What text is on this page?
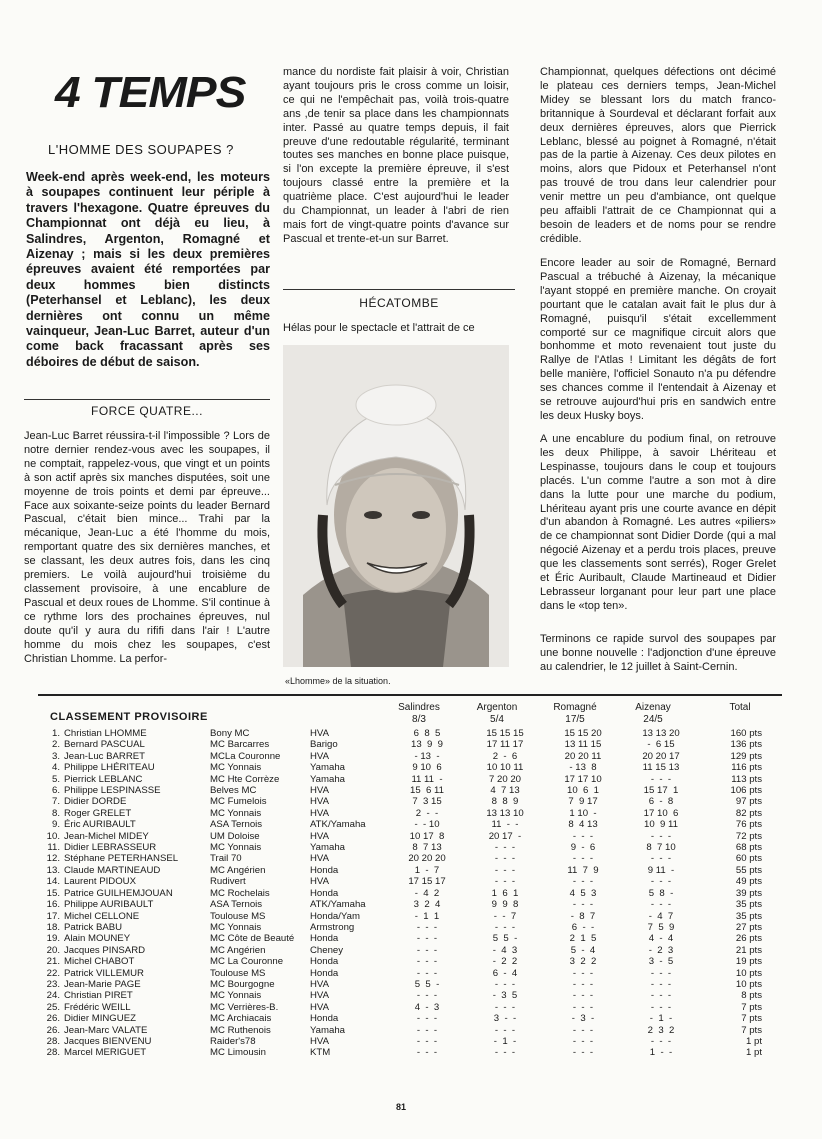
4 TEMPS
L'HOMME DES SOUPAPES ?
Week-end après week-end, les moteurs à soupapes continuent leur périple à travers l'hexagone. Quatre épreuves du Championnat ont déjà eu lieu, à Salindres, Argenton, Romagné et Aizenay ; mais si les deux premières épreuves avaient été remportées par deux hommes bien distincts (Peterhansel et Leblanc), les deux dernières ont connu un même vainqueur, Jean-Luc Barret, auteur d'un come back fracassant après ses déboires de début de saison.
FORCE QUATRE...
Jean-Luc Barret réussira-t-il l'impossible ? Lors de notre dernier rendez-vous avec les soupapes, il ne comptait, rappelez-vous, que vingt et un points à son actif après six manches disputées, soit une moyenne de trois points et demi par épreuve... Face aux soixante-seize points du leader Bernard Pascual, c'était bien mince... Trahi par la mécanique, Jean-Luc a été l'homme du mois, remportant quatre des six dernières manches, et se classant, les deux autres fois, dans les cinq premiers. Le voilà aujourd'hui troisième du classement provisoire, à une encablure de Pascual et deux roues de Lhomme. S'il continue à ce rythme lors des prochaines épreuves, nul doute qu'il y aura du rififi dans l'air ! L'autre homme du mois chez les soupapes, c'est Christian Lhomme. La perfor-
mance du nordiste fait plaisir à voir, Christian ayant toujours pris le cross comme un loisir, ce qui ne l'empêchait pas, voilà trois-quatre ans ,de tenir sa place dans les championnats inter. Passé au quatre temps depuis, il fait preuve d'une redoutable régularité, terminant toutes ses manches en bonne place puisque, si l'on excepte la première épreuve, il s'est toujours classé entre la première et la quatrième place. C'est aujourd'hui le leader du Championnat, un leader à l'abri de rien mais fort de vingt-quatre points d'avance sur Pascual et trente-et-un sur Barret.
HÉCATOMBE
Hélas pour le spectacle et l'attrait de ce
«Lhomme» de la situation.
Championnat, quelques défections ont décimé le plateau ces derniers temps, Jean-Michel Midey se blessant lors du match franco-britannique à Sourdeval et déclarant forfait aux deux dernières épreuves, alors que Pierrick Leblanc, blessé au poignet à Romagné, n'était pas de la partie à Aizenay. Ces deux pilotes en moins, alors que Pidoux et Peterhansel n'ont pas trouvé de trou dans leur calendrier pour venir mettre un peu d'ambiance, ont quelque peu affaibli l'attrait de ce Championnat qui a besoin de leaders et de noms pour se rendre crédible.
Encore leader au soir de Romagné, Bernard Pascual a trébuché à Aizenay, la mécanique l'ayant stoppé en première manche. On croyait pourtant que le catalan avait fait le plus dur à Romagné, puisqu'il s'était excellemment comporté sur ce magnifique circuit alors que bonhomme et moto revenaient tout juste du Rallye de l'Atlas ! Limitant les dégâts de fort belle manière, l'officiel Sonauto n'a pu défendre ses chances comme il l'entendait à Aizenay et se retrouve aujourd'hui pris en sandwich entre les deux Husky boys.
A une encablure du podium final, on retrouve les deux Philippe, à savoir Lhériteau et Lespinasse, toujours dans le coup et toujours placés. L'un comme l'autre a son mot à dire dans la lutte pour une marche du podium, Lhériteau ayant pris une courte avance en dépit d'un abandon à Romagné. Les autres «piliers» de ce championnat sont Didier Dorde (qui a mal négocié Aizenay et a perdu trois places, preuve que les classements sont serrés), Roger Grelet et Éric Auribault, Claude Martineaud et Didier Lebrasseur lorganant pour leur part une place dans le «top ten».
Terminons ce rapide survol des soupapes par une bonne nouvelle : l'adjonction d'une épreuve au calendrier, le 12 juillet à Saint-Cernin.
CLASSEMENT PROVISOIRE
Salindres
8/3
Argenton
5/4
Romagné
17/5
Aizenay
24/5
Total
1.	Christian LHOMME	Bony MC	HVA	6  8  5	15 15 15	15 15 20	13 13 20	160 pts
2.	Bernard PASCUAL	MC Barcarres	Barigo	13  9  9	17 11 17	13 11 15	-  6 15	136 pts
3.	Jean-Luc BARRET	MCLa Couronne	HVA	- 13  -	2  -  6	20 20 11	20 20 17	129 pts
4.	Philippe LHÉRITEAU	MC Yonnais	Yamaha	9 10  6	10 10 11	- 13  8	11 15 13	116 pts
5.	Pierrick LEBLANC	MC Hte Corrèze	Yamaha	11 11  -	7 20 20	17 17 10	-  -  -	113 pts
6.	Philippe LESPINASSE	Belves MC	HVA	15  6 11	4  7 13	10  6  1	15 17  1	106 pts
7.	Didier DORDE	MC Fumelois	HVA	7  3 15	8  8  9	7  9 17	6  -  8	97 pts
8.	Roger GRELET	MC Yonnais	HVA	2  -  -	13 13 10	1 10  -	17 10  6	82 pts
9.	Éric AURIBAULT	ASA Ternois	ATK/Yamaha	-  - 10	11  -  -	8  4 13	10  9 11	76 pts
10.	Jean-Michel MIDEY	UM Doloise	HVA	10 17  8	20 17  -	-  -  -	-  -  -	72 pts
11.	Didier LEBRASSEUR	MC Yonnais	Yamaha	8  7 13	-  -  -	9  -  6	8  7 10	68 pts
12.	Stéphane PETERHANSEL	Trail 70	HVA	20 20 20	-  -  -	-  -  -	-  -  -	60 pts
13.	Claude MARTINEAUD	MC Angérien	Honda	1  -  7	-  -  -	11  7  9	9 11  -	55 pts
14.	Laurent PIDOUX	Rudivert	HVA	17 15 17	-  -  -	-  -  -	-  -  -	49 pts
15.	Patrice GUILHEMJOUAN	MC Rochelais	Honda	-  4  2	1  6  1	4  5  3	5  8  -	39 pts
16.	Philippe AURIBAULT	ASA Ternois	ATK/Yamaha	3  2  4	9  9  8	-  -  -	-  -  -	35 pts
17.	Michel CELLONE	Toulouse MS	Honda/Yam	-  1  1	-  -  7	-  8  7	-  4  7	35 pts
18.	Patrick BABU	MC Yonnais	Armstrong	-  -  -	-  -  -	6  -  -	7  5  9	27 pts
19.	Alain MOUNEY	MC Côte de Beauté	Honda	-  -  -	5  5  -	2  1  5	4  -  4	26 pts
20.	Jacques PINSARD	MC Angérien	Cheney	-  -  -	-  4  3	5  -  4	-  2  3	21 pts
21.	Michel CHABOT	MC La Couronne	Honda	-  -  -	-  2  2	3  2  2	3  -  5	19 pts
22.	Patrick VILLEMUR	Toulouse MS	Honda	-  -  -	6  -  4	-  -  -	-  -  -	10 pts
23.	Jean-Marie PAGE	MC Bourgogne	HVA	5  5  -	-  -  -	-  -  -	-  -  -	10 pts
24.	Christian PIRET	MC Yonnais	HVA	-  -  -	-  3  5	-  -  -	-  -  -	8 pts
25.	Frédéric WEILL	MC Verrières-B.	HVA	4  -  3	-  -  -	-  -  -	-  -  -	7 pts
26.	Didier MINGUEZ	MC Archiacais	Honda	-  -  -	3  -  -	-  3  -	-  1  -	7 pts
26.	Jean-Marc VALATE	MC Ruthenois	Yamaha	-  -  -	-  -  -	-  -  -	2  3  2	7 pts
28.	Jacques BIENVENU	Raider's78	HVA	-  -  -	-  1  -	-  -  -	-  -  -	1 pt
28.	Marcel MERIGUET	MC Limousin	KTM	-  -  -	-  -  -	-  -  -	1  -  -	1 pt
81
